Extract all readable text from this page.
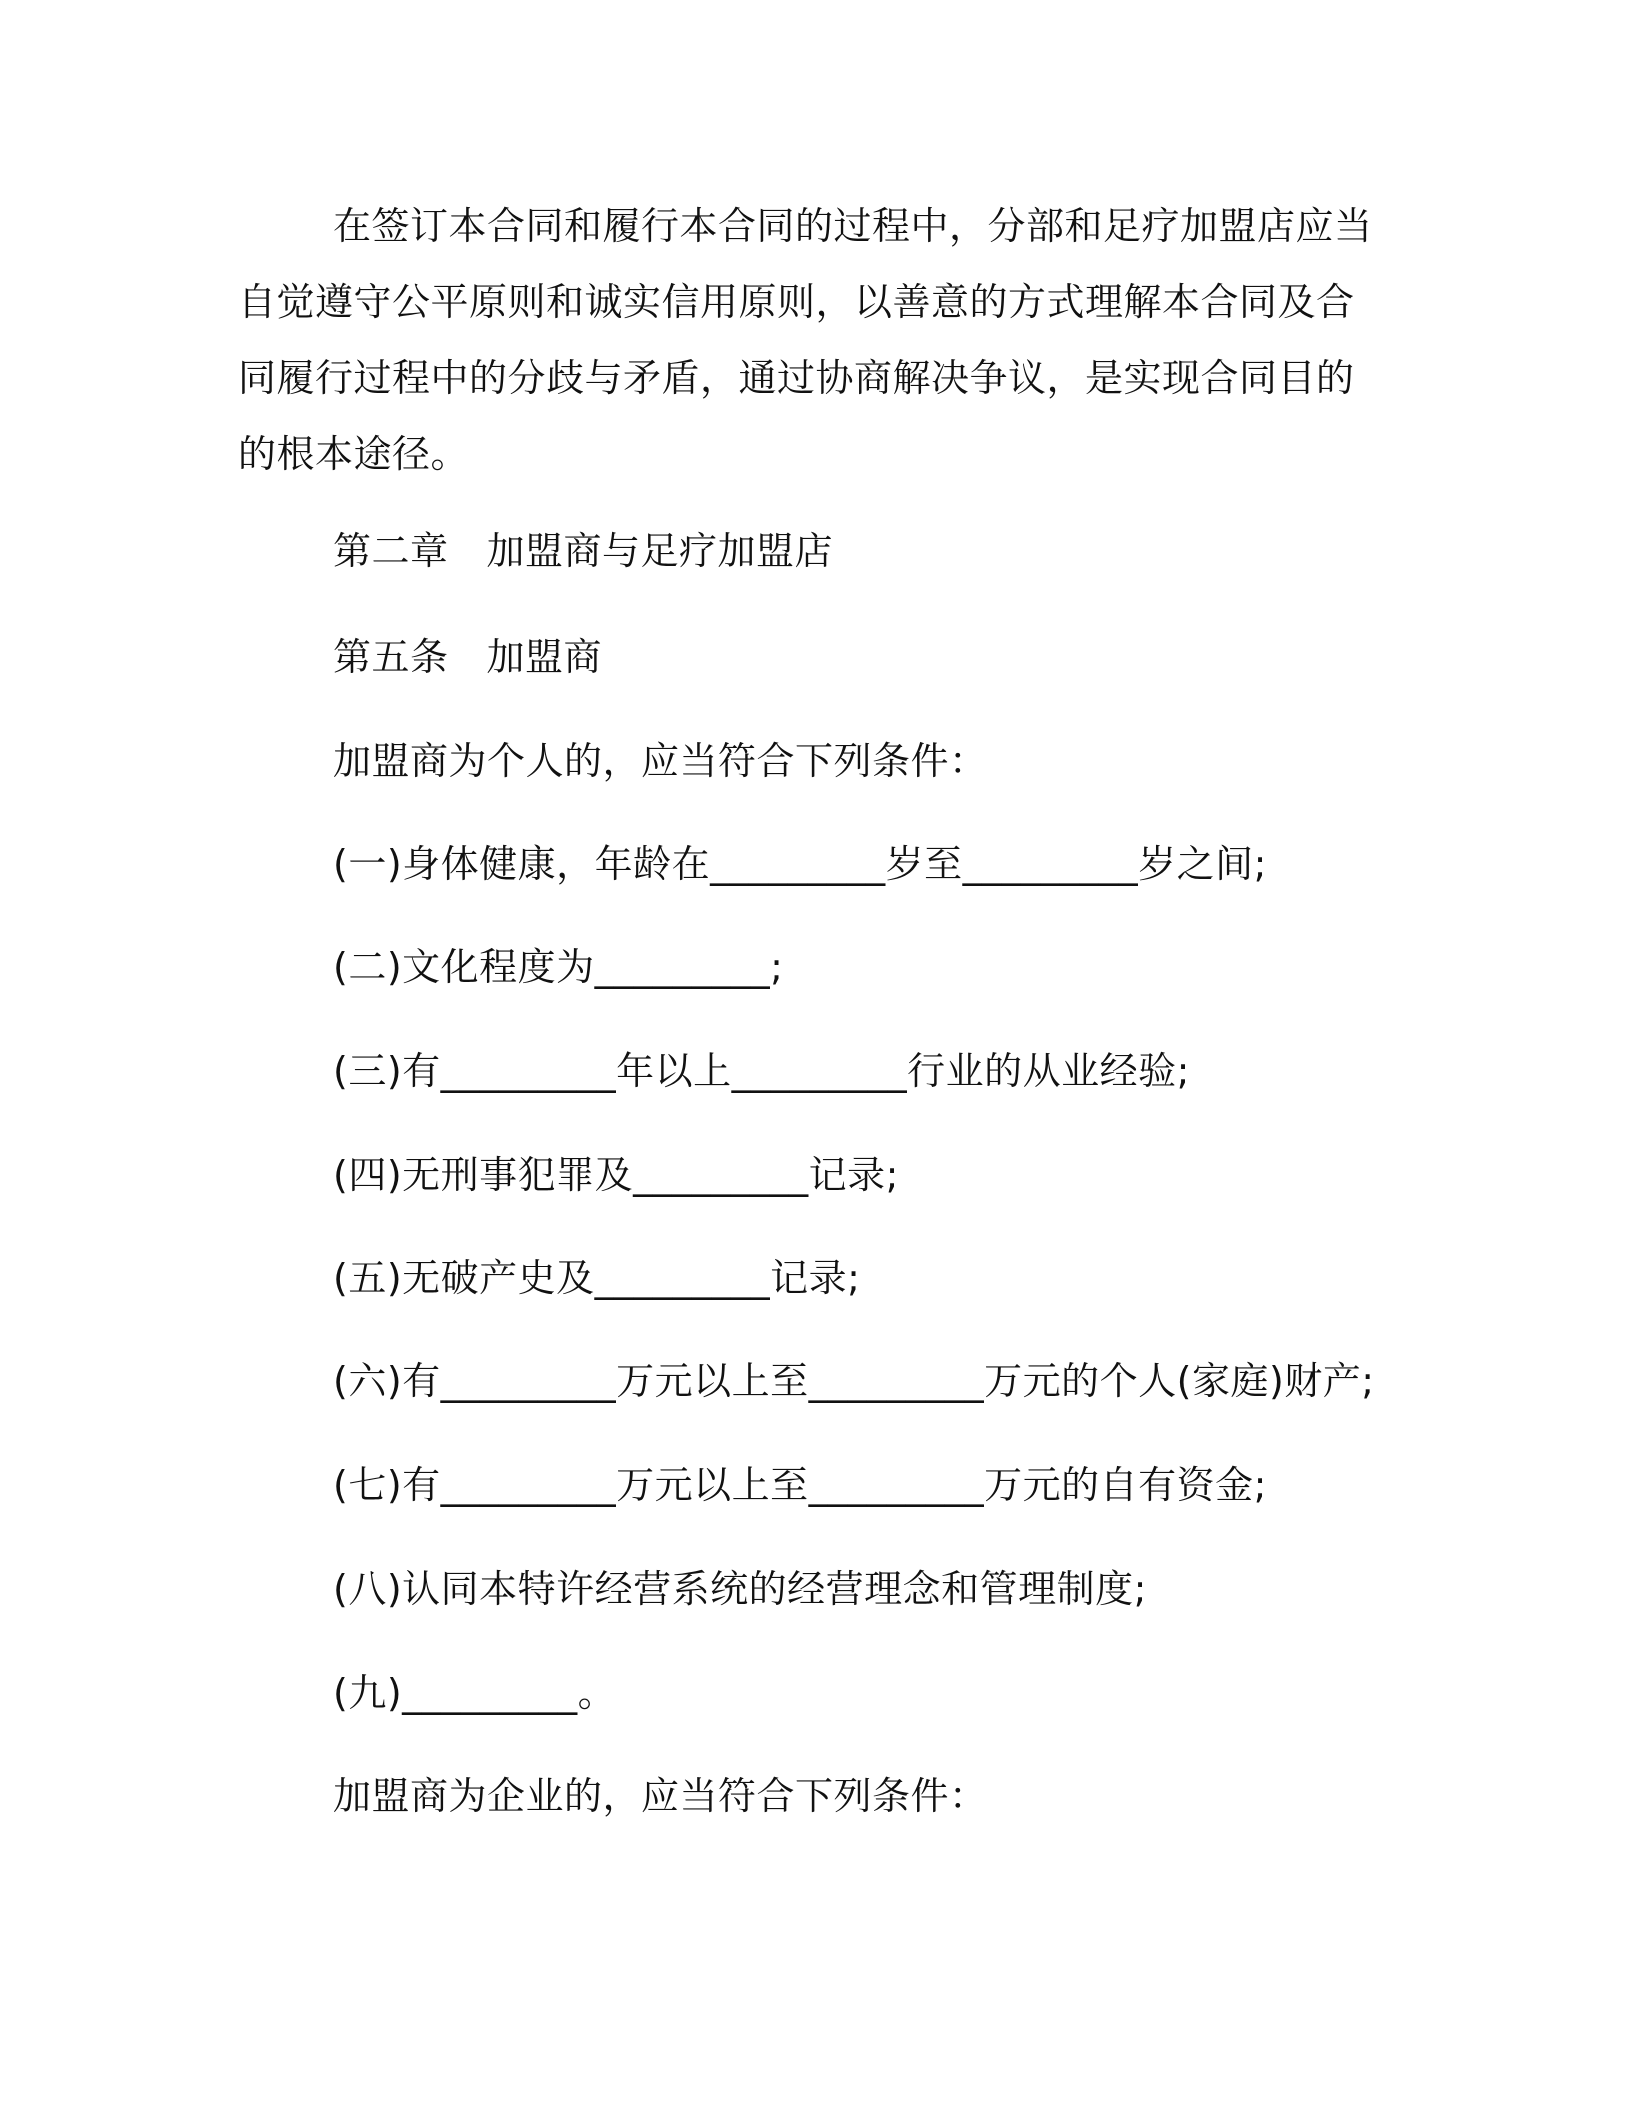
在签订本合同和履行本合同的过程中，分部和足疗加盟店应当自觉遵守公平原则和诚实信用原则，以善意的方式理解本合同及合同履行过程中的分歧与矛盾，通过协商解决争议，是实现合同目的的根本途径。

第二章 加盟商与足疗加盟店

第五条 加盟商

加盟商为个人的，应当符合下列条件：

(一)身体健康，年龄在_________岁至_________岁之间;

(二)文化程度为_________;

(三)有_________年以上_________行业的从业经验;

(四)无刑事犯罪及_________记录;

(五)无破产史及_________记录;

(六)有_________万元以上至_________万元的个人(家庭)财产;

(七)有_________万元以上至_________万元的自有资金;

(八)认同本特许经营系统的经营理念和管理制度;

(九)_________。

加盟商为企业的，应当符合下列条件：
